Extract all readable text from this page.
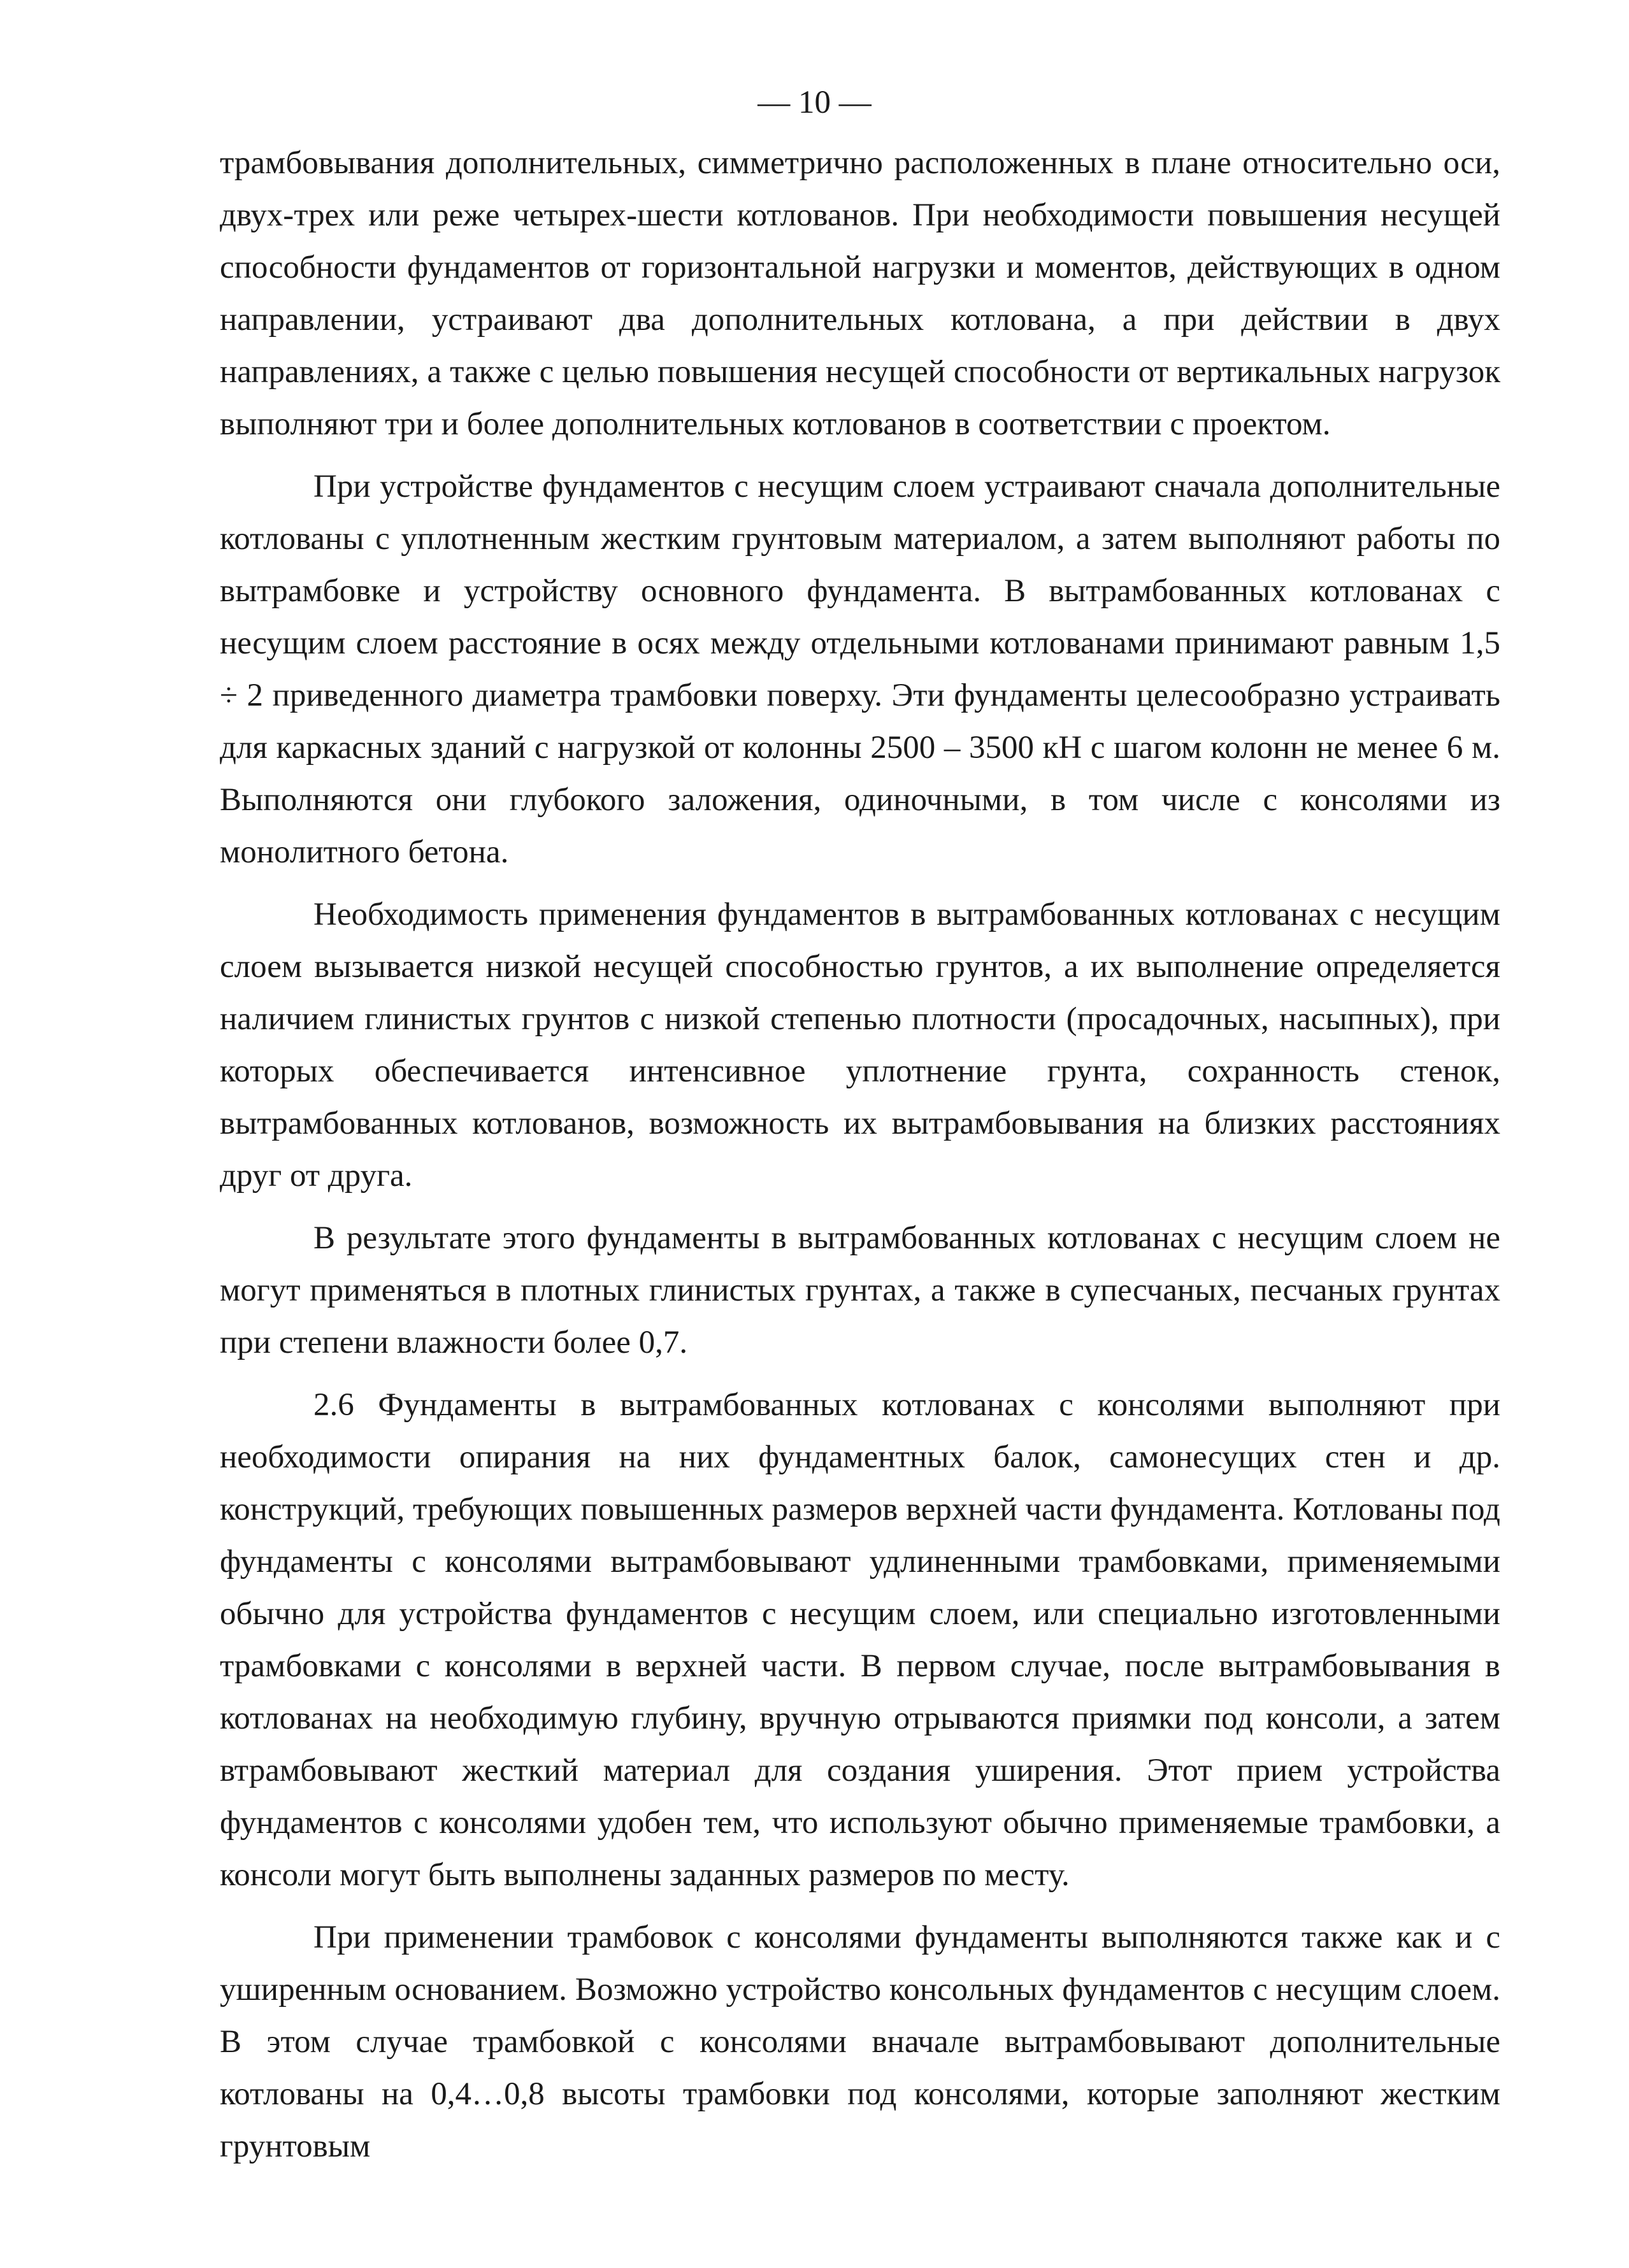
— 10 —

трамбовывания дополнительных, симметрично расположенных в плане относительно оси, двух-трех или реже четырех-шести котлованов. При необходимости повышения несущей способности фундаментов от горизонтальной нагрузки и моментов, действующих в одном направлении, устраивают два дополнительных котлована, а при действии в двух направлениях, а также с целью повышения несущей способности от вертикальных нагрузок выполняют три и более дополнительных котлованов в соответствии с проектом.

При устройстве фундаментов с несущим слоем устраивают сначала дополнительные котлованы с уплотненным жестким грунтовым материалом, а затем выполняют работы по вытрамбовке и устройству основного фундамента. В вытрамбованных котлованах с несущим слоем расстояние в осях между отдельными котлованами принимают равным 1,5 ÷ 2 приведенного диаметра трамбовки поверху. Эти фундаменты целесообразно устраивать для каркасных зданий с нагрузкой от колонны 2500 – 3500 кН с шагом колонн не менее 6 м. Выполняются они глубокого заложения, одиночными, в том числе с консолями из монолитного бетона.

Необходимость применения фундаментов в вытрамбованных котлованах с несущим слоем вызывается низкой несущей способностью грунтов, а их выполнение определяется наличием глинистых грунтов с низкой степенью плотности (просадочных, насыпных), при которых обеспечивается интенсивное уплотнение грунта, сохранность стенок, вытрамбованных котлованов, возможность их вытрамбовывания на близких расстояниях друг от друга.

В результате этого фундаменты в вытрамбованных котлованах с несущим слоем не могут применяться в плотных глинистых грунтах, а также в супесчаных, песчаных грунтах при степени влажности более 0,7.

2.6 Фундаменты в вытрамбованных котлованах с консолями выполняют при необходимости опирания на них фундаментных балок, самонесущих стен и др. конструкций, требующих повышенных размеров верхней части фундамента. Котлованы под фундаменты с консолями вытрамбовывают удлиненными трамбовками, применяемыми обычно для устройства фундаментов с несущим слоем, или специально изготовленными трамбовками с консолями в верхней части. В первом случае, после вытрамбовывания в котлованах на необходимую глубину, вручную отрываются приямки под консоли, а затем втрамбовывают жесткий материал для создания уширения. Этот прием устройства фундаментов с консолями удобен тем, что используют обычно применяемые трамбовки, а консоли могут быть выполнены заданных размеров по месту.

При применении трамбовок с консолями фундаменты выполняются также как и с уширенным основанием. Возможно устройство консольных фундаментов с несущим слоем. В этом случае трамбовкой с консолями вначале вытрамбовывают дополнительные котлованы на 0,4…0,8 высоты трамбовки под консолями, которые заполняют жестким грунтовым
